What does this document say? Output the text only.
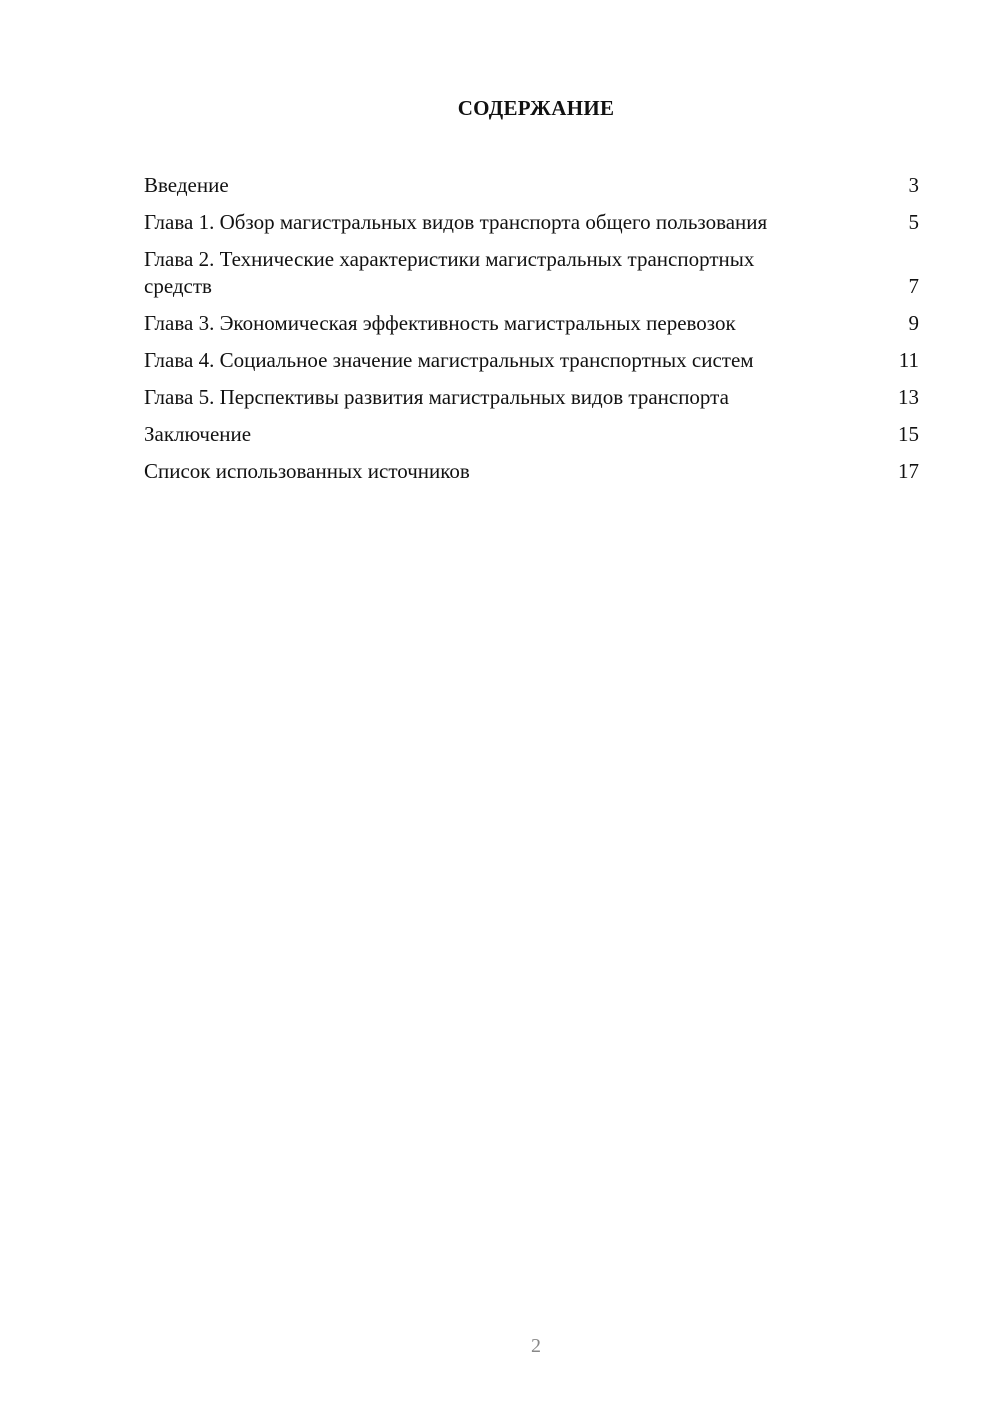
СОДЕРЖАНИЕ
Введение	3
Глава 1. Обзор магистральных видов транспорта общего пользования	5
Глава 2. Технические характеристики магистральных транспортных средств	7
Глава 3. Экономическая эффективность магистральных перевозок	9
Глава 4. Социальное значение магистральных транспортных систем	11
Глава 5. Перспективы развития магистральных видов транспорта	13
Заключение	15
Список использованных источников	17
2
